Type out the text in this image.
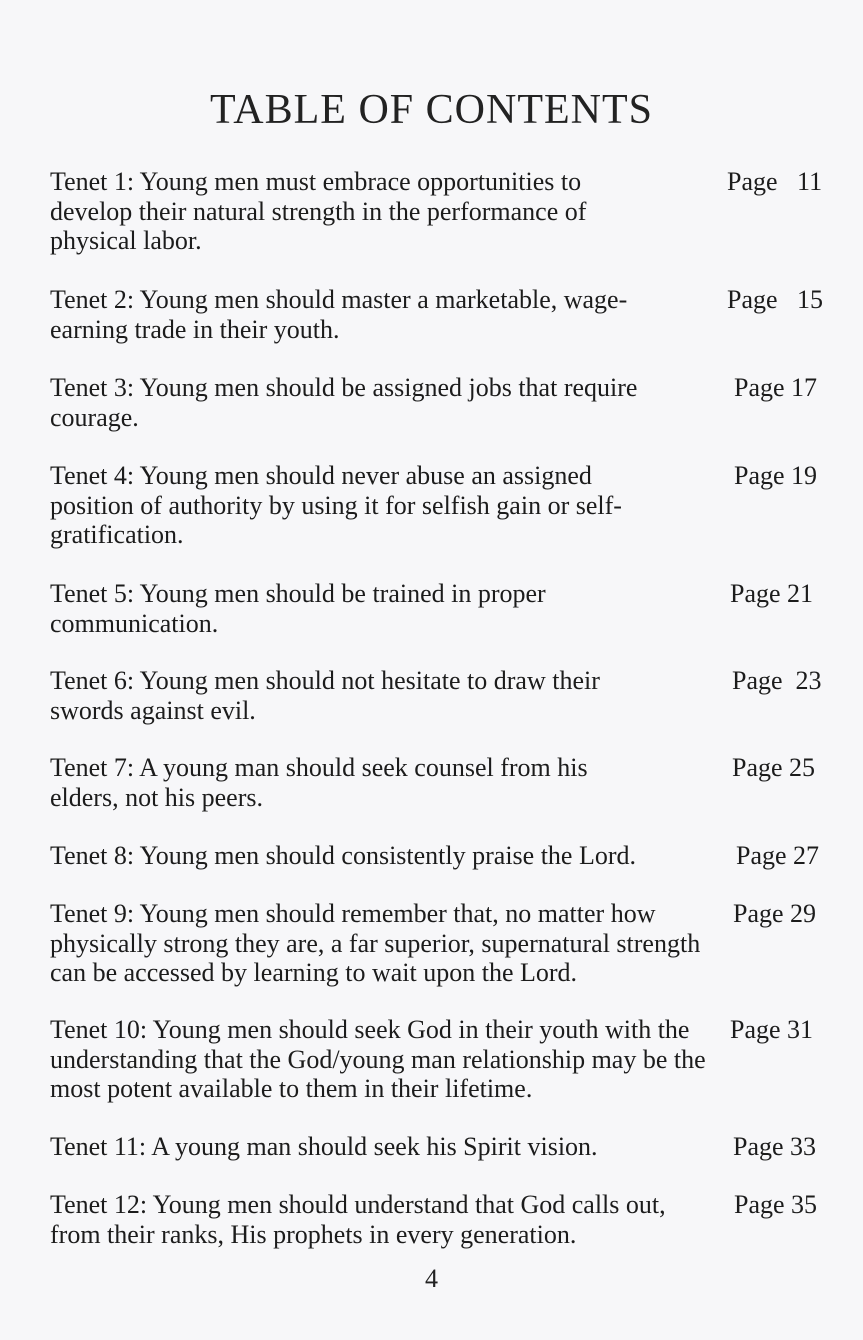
TABLE OF CONTENTS
Tenet 1: Young men must embrace opportunities to develop their natural strength in the performance of physical labor.
Page   11
Tenet 2: Young men should master a marketable, wage-earning trade in their youth.
Page   15
Tenet 3: Young men should be assigned jobs that require courage.
Page 17
Tenet 4: Young men should never abuse an assigned position of authority by using it for selfish gain or self-gratification.
Page 19
Tenet 5: Young men should be trained in proper communication.
Page 21
Tenet 6: Young men should not hesitate to draw their swords against evil.
Page  23
Tenet 7: A young man should seek counsel from his elders, not his peers.
Page 25
Tenet 8: Young men should consistently praise the Lord.	Page 27
Tenet 9: Young men should remember that, no matter how physically strong they are, a far superior, supernatural strength can be accessed by learning to wait upon the Lord.
Page 29
Tenet 10: Young men should seek God in their youth with the understanding that the God/young man relationship may be the most potent available to them in their lifetime.
Page 31
Tenet 11: A young man should seek his Spirit vision.	Page 33
Tenet 12: Young men should understand that God calls out, from their ranks, His prophets in every generation.
Page 35
4
